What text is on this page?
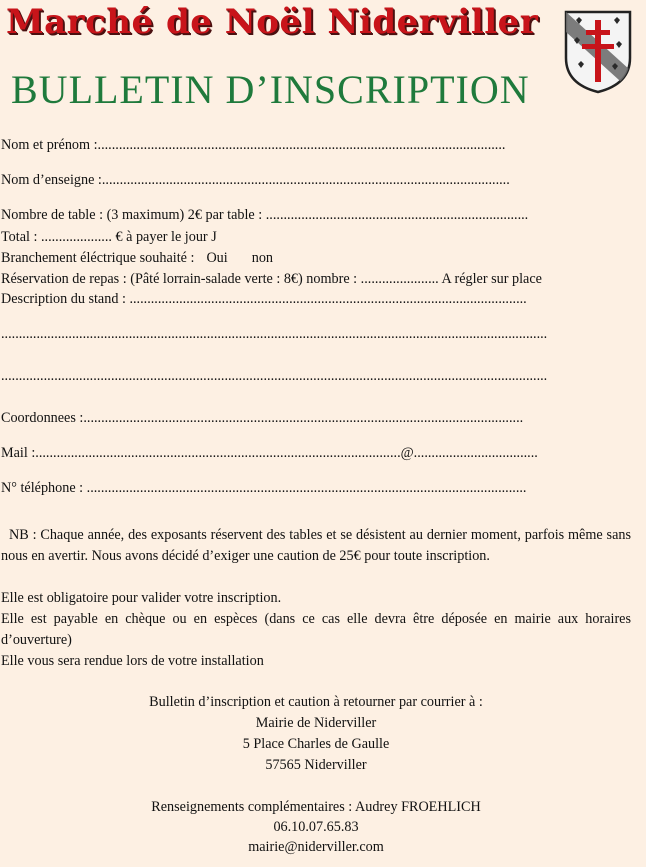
Marché de Noël Niderviller
BULLETIN D’INSCRIPTION
Nom et prénom :...................................................................................................................
Nom d’enseigne :...................................................................................................................
Nombre de table : (3 maximum) 2€ par table : ..........................................................................
Total : .................... € à payer le jour J
Branchement éléctrique souhaité : Oui non
Réservation de repas : (Pâté lorrain-salade verte : 8€) nombre : ...................... A régler sur place
Description du stand : ................................................................................................................
..........................................................................................................................................................
..........................................................................................................................................................
Coordonnees :............................................................................................................................
Mail :.......................................................................................................@...................................
N° téléphone : ............................................................................................................................
NB : Chaque année, des exposants réservent des tables et se désistent au dernier moment, parfois même sans nous en avertir. Nous avons décidé d’exiger une caution de 25€ pour toute inscription.
Elle est obligatoire pour valider votre inscription.
Elle est payable en chèque ou en espèces (dans ce cas elle devra être déposée en mairie aux horaires d’ouverture)
Elle vous sera rendue lors de votre installation
Bulletin d’inscription et caution à retourner par courrier à :
Mairie de Niderviller
5 Place Charles de Gaulle
57565 Niderviller
Renseignements complémentaires : Audrey FROEHLICH
06.10.07.65.83
mairie@niderviller.com
